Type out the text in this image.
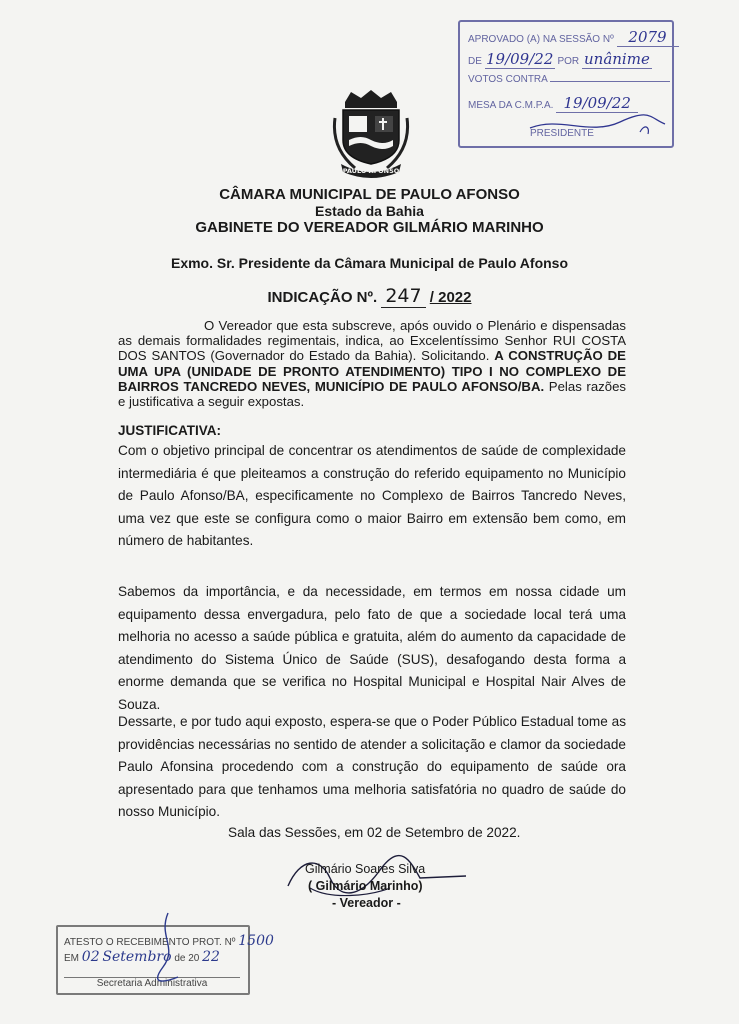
APROVADO (A) NA SESSÃO Nº 2079
DE 19/09/22 POR unânime
VOTOS CONTRA
MESA DA C.M.P.A. 19/09/22
PRESIDENTE
PAULO AFONSO
CÂMARA MUNICIPAL DE PAULO AFONSO
Estado da Bahia
GABINETE DO VEREADOR GILMÁRIO MARINHO
Exmo. Sr. Presidente da Câmara Municipal de Paulo Afonso
INDICAÇÃO Nº. 247 / 2022
O Vereador que esta subscreve, após ouvido o Plenário e dispensadas as demais formalidades regimentais, indica, ao Excelentíssimo Senhor RUI COSTA DOS SANTOS (Governador do Estado da Bahia). Solicitando. A CONSTRUÇÃO DE UMA UPA (UNIDADE DE PRONTO ATENDIMENTO) TIPO I NO COMPLEXO DE BAIRROS TANCREDO NEVES, MUNICÍPIO DE PAULO AFONSO/BA. Pelas razões e justificativa a seguir expostas.
JUSTIFICATIVA:
Com o objetivo principal de concentrar os atendimentos de saúde de complexidade intermediária é que pleiteamos a construção do referido equipamento no Município de Paulo Afonso/BA, especificamente no Complexo de Bairros Tancredo Neves, uma vez que este se configura como o maior Bairro em extensão bem como, em número de habitantes.
Sabemos da importância, e da necessidade, em termos em nossa cidade um equipamento dessa envergadura, pelo fato de que a sociedade local terá uma melhoria no acesso a saúde pública e gratuita, além do aumento da capacidade de atendimento do Sistema Único de Saúde (SUS), desafogando desta forma a enorme demanda que se verifica no Hospital Municipal e Hospital Nair Alves de Souza.
Dessarte, e por tudo aqui exposto, espera-se que o Poder Público Estadual tome as providências necessárias no sentido de atender a solicitação e clamor da sociedade Paulo Afonsina procedendo com a construção do equipamento de saúde ora apresentado para que tenhamos uma melhoria satisfatória no quadro de saúde do nosso Município.
Sala das Sessões, em 02 de Setembro de 2022.
Gilmário Soares Silva
( Gilmário Marinho)
- Vereador -
ATESTO O RECEBIMENTO PROT. Nº 1500
EM 02 Setembro de 20 22
Secretaria Administrativa
